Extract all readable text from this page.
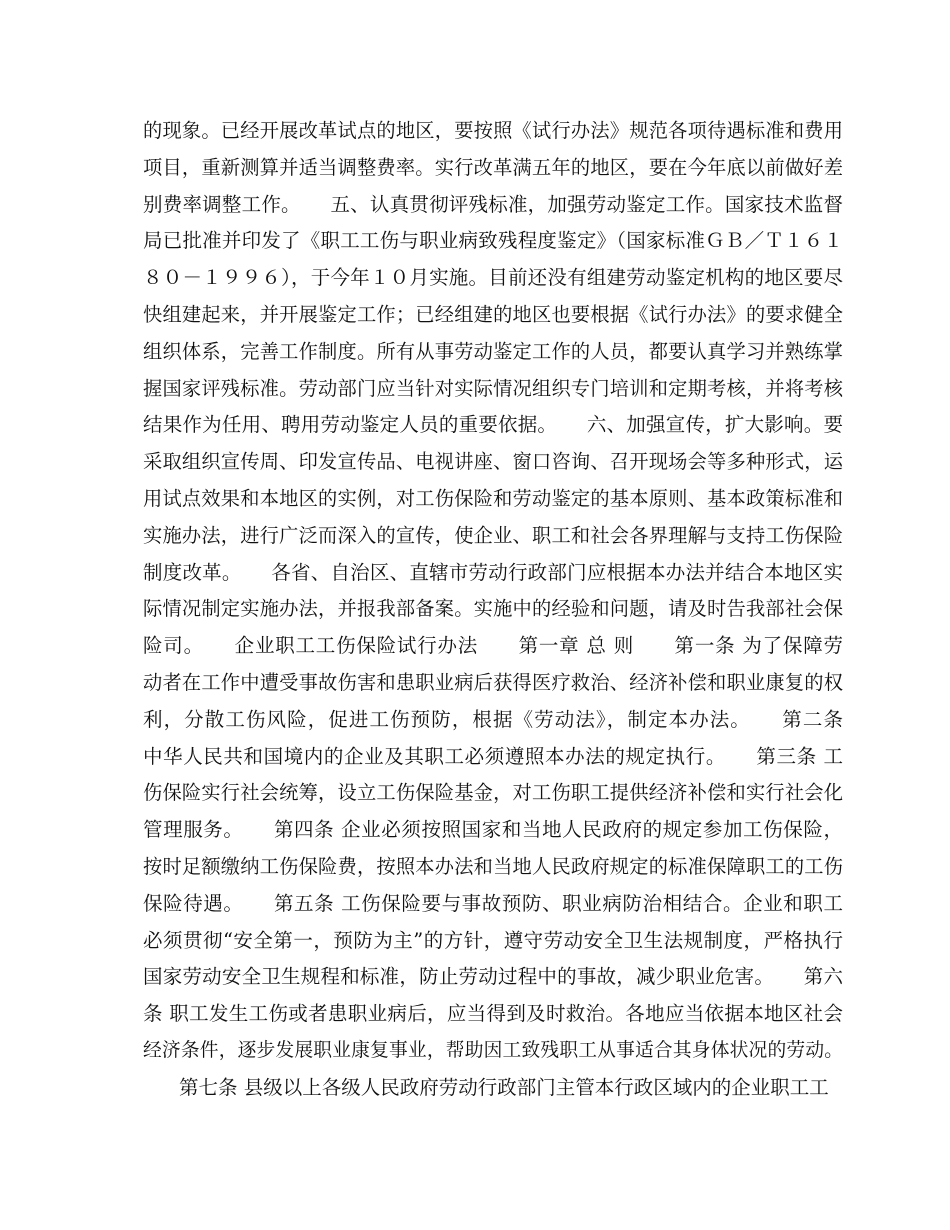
的现象。已经开展改革试点的地区，要按照《试行办法》规范各项待遇标准和费用
项目，重新测算并适当调整费率。实行改革满五年的地区，要在今年底以前做好差
别费率调整工作。　　五、认真贯彻评残标准，加强劳动鉴定工作。国家技术监督
局已批准并印发了《职工工伤与职业病致残程度鉴定》（国家标准ＧＢ／Ｔ１６１
８０－１９９６），于今年１０月实施。目前还没有组建劳动鉴定机构的地区要尽
快组建起来，并开展鉴定工作；已经组建的地区也要根据《试行办法》的要求健全
组织体系，完善工作制度。所有从事劳动鉴定工作的人员，都要认真学习并熟练掌
握国家评残标准。劳动部门应当针对实际情况组织专门培训和定期考核，并将考核
结果作为任用、聘用劳动鉴定人员的重要依据。　　六、加强宣传，扩大影响。要
采取组织宣传周、印发宣传品、电视讲座、窗口咨询、召开现场会等多种形式，运
用试点效果和本地区的实例，对工伤保险和劳动鉴定的基本原则、基本政策标准和
实施办法，进行广泛而深入的宣传，使企业、职工和社会各界理解与支持工伤保险
制度改革。　　各省、自治区、直辖市劳动行政部门应根据本办法并结合本地区实
际情况制定实施办法，并报我部备案。实施中的经验和问题，请及时告我部社会保
险司。　　企业职工工伤保险试行办法　　第一章 总 则　　第一条 为了保障劳
动者在工作中遭受事故伤害和患职业病后获得医疗救治、经济补偿和职业康复的权
利，分散工伤风险，促进工伤预防，根据《劳动法》，制定本办法。　　第二条
中华人民共和国境内的企业及其职工必须遵照本办法的规定执行。　　第三条 工
伤保险实行社会统筹，设立工伤保险基金，对工伤职工提供经济补偿和实行社会化
管理服务。　　第四条 企业必须按照国家和当地人民政府的规定参加工伤保险，
按时足额缴纳工伤保险费，按照本办法和当地人民政府规定的标准保障职工的工伤
保险待遇。　　第五条 工伤保险要与事故预防、职业病防治相结合。企业和职工
必须贯彻“安全第一，预防为主”的方针，遵守劳动安全卫生法规制度，严格执行
国家劳动安全卫生规程和标准，防止劳动过程中的事故，减少职业危害。　　第六
条 职工发生工伤或者患职业病后，应当得到及时救治。各地应当依据本地区社会
经济条件，逐步发展职业康复事业，帮助因工致残职工从事适合其身体状况的劳动。
第七条 县级以上各级人民政府劳动行政部门主管本行政区域内的企业职工工
